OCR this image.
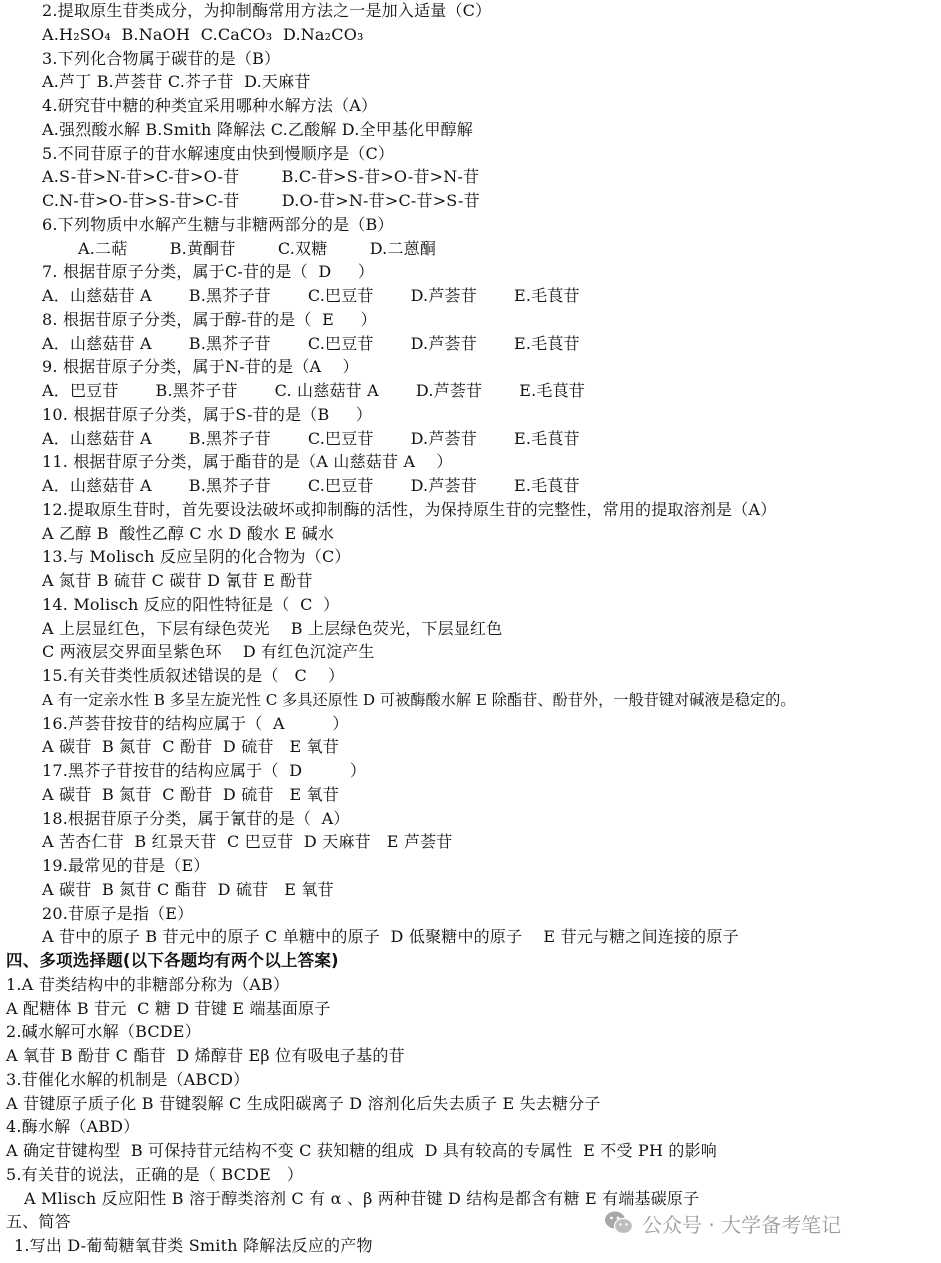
2.提取原生苷类成分，为抑制酶常用方法之一是加入适量（C）
A.H₂SO₄  B.NaOH  C.CaCO₃  D.Na₂CO₃
3.下列化合物属于碳苷的是（B）
A.芦丁 B.芦荟苷 C.芥子苷  D.天麻苷
4.研究苷中糖的种类宜采用哪种水解方法（A）
A.强烈酸水解 B.Smith 降解法 C.乙酸解 D.全甲基化甲醇解
5.不同苷原子的苷水解速度由快到慢顺序是（C）
A.S-苷>N-苷>C-苷>O-苷        B.C-苷>S-苷>O-苷>N-苷
C.N-苷>O-苷>S-苷>C-苷        D.O-苷>N-苷>C-苷>S-苷
6.下列物质中水解产生糖与非糖两部分的是（B）
A.二萜        B.黄酮苷        C.双糖        D.二蒽酮
7. 根据苷原子分类，属于C-苷的是（  D     ）
A．山慈菇苷 A       B.黑芥子苷       C.巴豆苷       D.芦荟苷       E.毛茛苷
8. 根据苷原子分类，属于醇-苷的是（  E     ）
A．山慈菇苷 A       B.黑芥子苷       C.巴豆苷       D.芦荟苷       E.毛茛苷
9. 根据苷原子分类，属于N-苷的是（A    ）
A．巴豆苷       B.黑芥子苷       C. 山慈菇苷 A       D.芦荟苷       E.毛茛苷
10. 根据苷原子分类，属于S-苷的是（B     ）
A．山慈菇苷 A       B.黑芥子苷       C.巴豆苷       D.芦荟苷       E.毛茛苷
11. 根据苷原子分类，属于酯苷的是（A 山慈菇苷 A    ）
A．山慈菇苷 A       B.黑芥子苷       C.巴豆苷       D.芦荟苷       E.毛茛苷
12.提取原生苷时，首先要设法破坏或抑制酶的活性，为保持原生苷的完整性，常用的提取溶剂是（A）
A 乙醇 B  酸性乙醇 C 水 D 酸水 E 碱水
13.与 Molisch 反应呈阴的化合物为（C）
A 氮苷 B 硫苷 C 碳苷 D 氰苷 E 酚苷
14. Molisch 反应的阳性特征是（  C  ）
A 上层显红色，下层有绿色荧光    B 上层绿色荧光，下层显红色
C 两液层交界面呈紫色环    D 有红色沉淀产生
15.有关苷类性质叙述错误的是（   C    ）
A 有一定亲水性 B 多呈左旋光性 C 多具还原性 D 可被酶酸水解 E 除酯苷、酚苷外，一般苷键对碱液是稳定的。
16.芦荟苷按苷的结构应属于（  A         ）
A 碳苷  B 氮苷  C 酚苷  D 硫苷   E 氧苷
17.黑芥子苷按苷的结构应属于（  D         ）
A 碳苷  B 氮苷  C 酚苷  D 硫苷   E 氧苷
18.根据苷原子分类，属于氰苷的是（  A）
A 苦杏仁苷  B 红景天苷  C 巴豆苷  D 天麻苷   E 芦荟苷
19.最常见的苷是（E）
A 碳苷  B 氮苷 C 酯苷  D 硫苷   E 氧苷
20.苷原子是指（E）
A 苷中的原子 B 苷元中的原子 C 单糖中的原子  D 低聚糖中的原子    E 苷元与糖之间连接的原子
四、多项选择题(以下各题均有两个以上答案)
1.A 苷类结构中的非糖部分称为（AB）
A 配糖体 B 苷元  C 糖 D 苷键 E 端基面原子
2.碱水解可水解（BCDE）
A 氧苷 B 酚苷 C 酯苷  D 烯醇苷 Eβ 位有吸电子基的苷
3.苷催化水解的机制是（ABCD）
A 苷键原子质子化 B 苷键裂解 C 生成阳碳离子 D 溶剂化后失去质子 E 失去糖分子
4.酶水解（ABD）
A 确定苷键构型  B 可保持苷元结构不变 C 获知糖的组成  D 具有较高的专属性  E 不受 PH 的影响
5.有关苷的说法，正确的是（ BCDE   ）
A Mlisch 反应阳性 B 溶于醇类溶剂 C 有 α 、β 两种苷键 D 结构是都含有糖 E 有端基碳原子
五、简答
1.写出 D-葡萄糖氧苷类 Smith 降解法反应的产物
公众号 · 大学备考笔记
